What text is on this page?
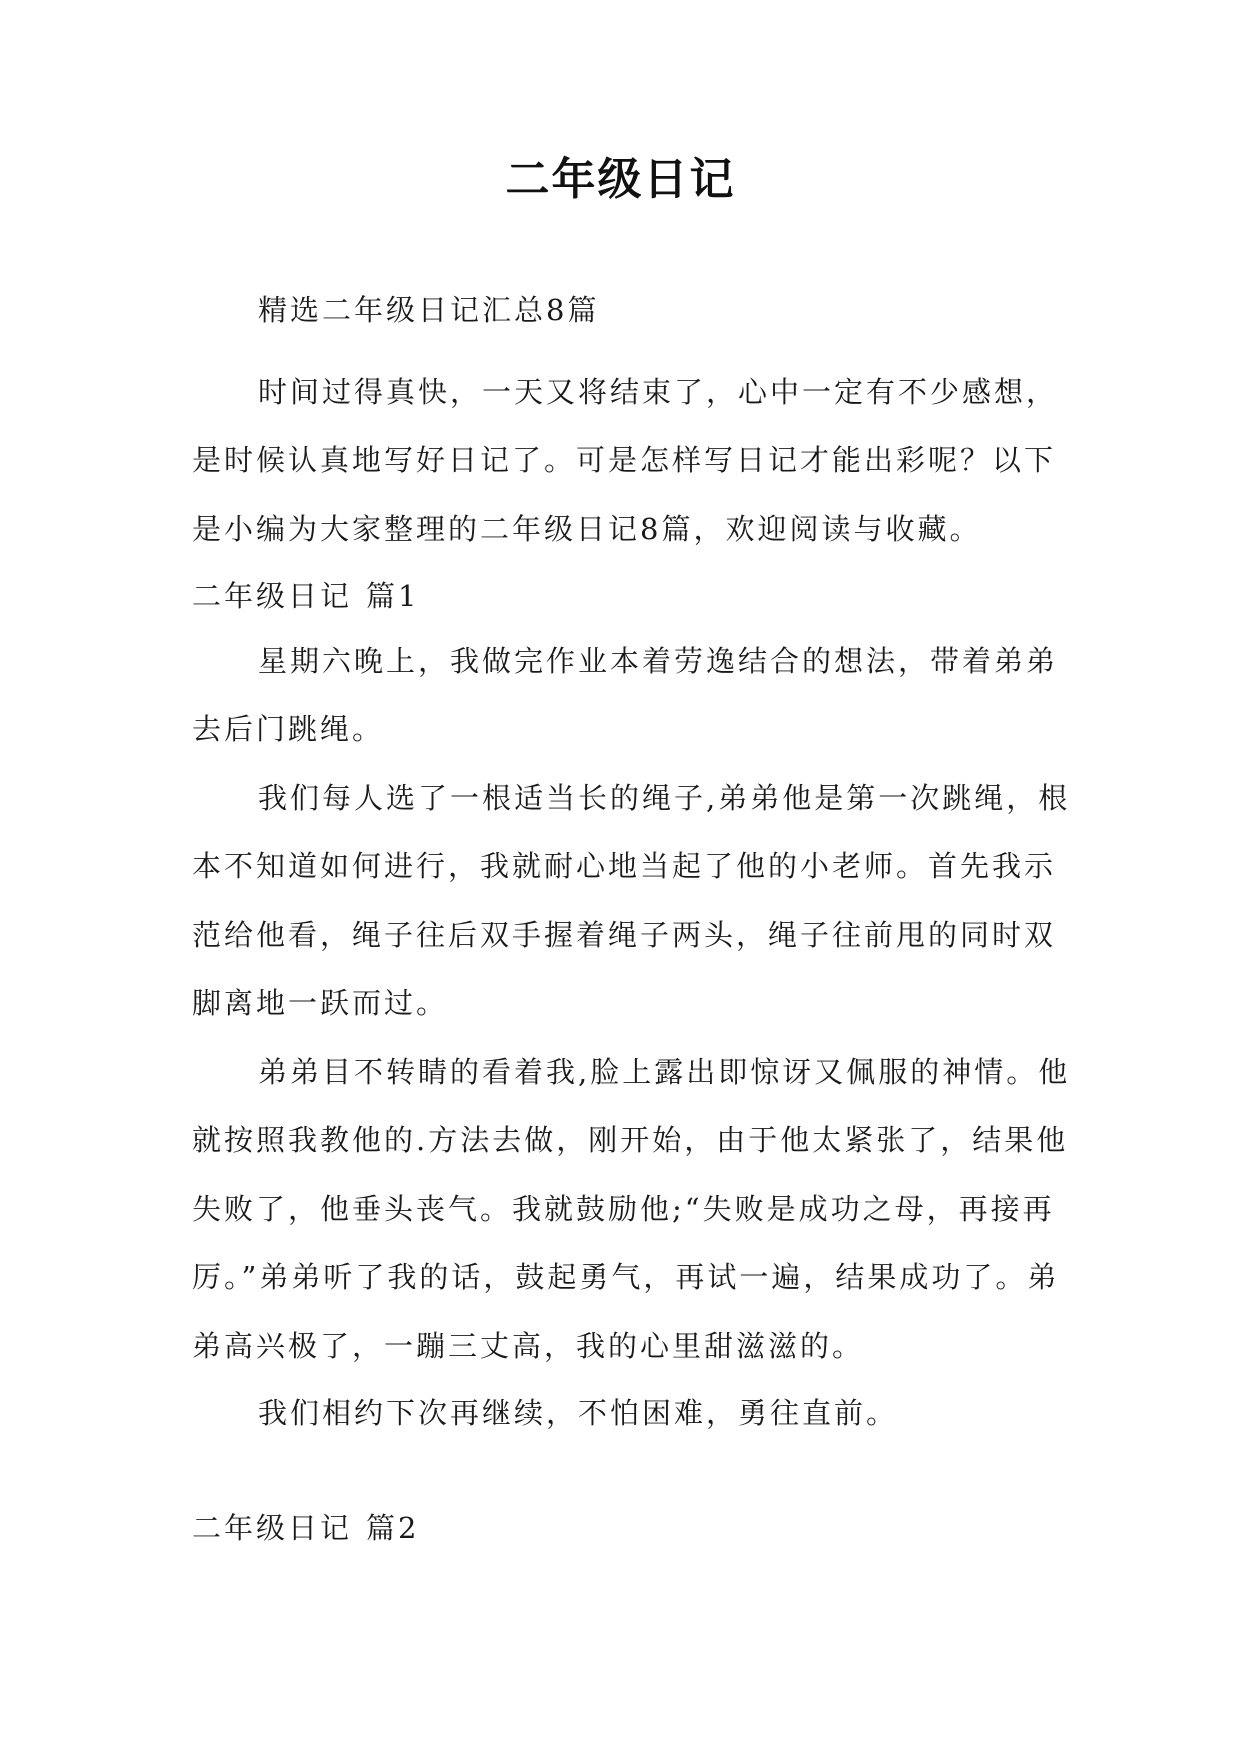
二年级日记
精选二年级日记汇总8篇

时间过得真快，一天又将结束了，心中一定有不少感想，是时候认真地写好日记了。可是怎样写日记才能出彩呢？以下是小编为大家整理的二年级日记8篇，欢迎阅读与收藏。

二年级日记 篇1

星期六晚上，我做完作业本着劳逸结合的想法，带着弟弟去后门跳绳。

我们每人选了一根适当长的绳子,弟弟他是第一次跳绳，根本不知道如何进行，我就耐心地当起了他的小老师。首先我示范给他看，绳子往后双手握着绳子两头，绳子往前甩的同时双脚离地一跃而过。

弟弟目不转睛的看着我,脸上露出即惊讶又佩服的神情。他就按照我教他的.方法去做，刚开始，由于他太紧张了，结果他失败了，他垂头丧气。我就鼓励他;“失败是成功之母，再接再厉。”弟弟听了我的话，鼓起勇气，再试一遍，结果成功了。弟弟高兴极了，一蹦三丈高，我的心里甜滋滋的。

我们相约下次再继续，不怕困难，勇往直前。

二年级日记 篇2
